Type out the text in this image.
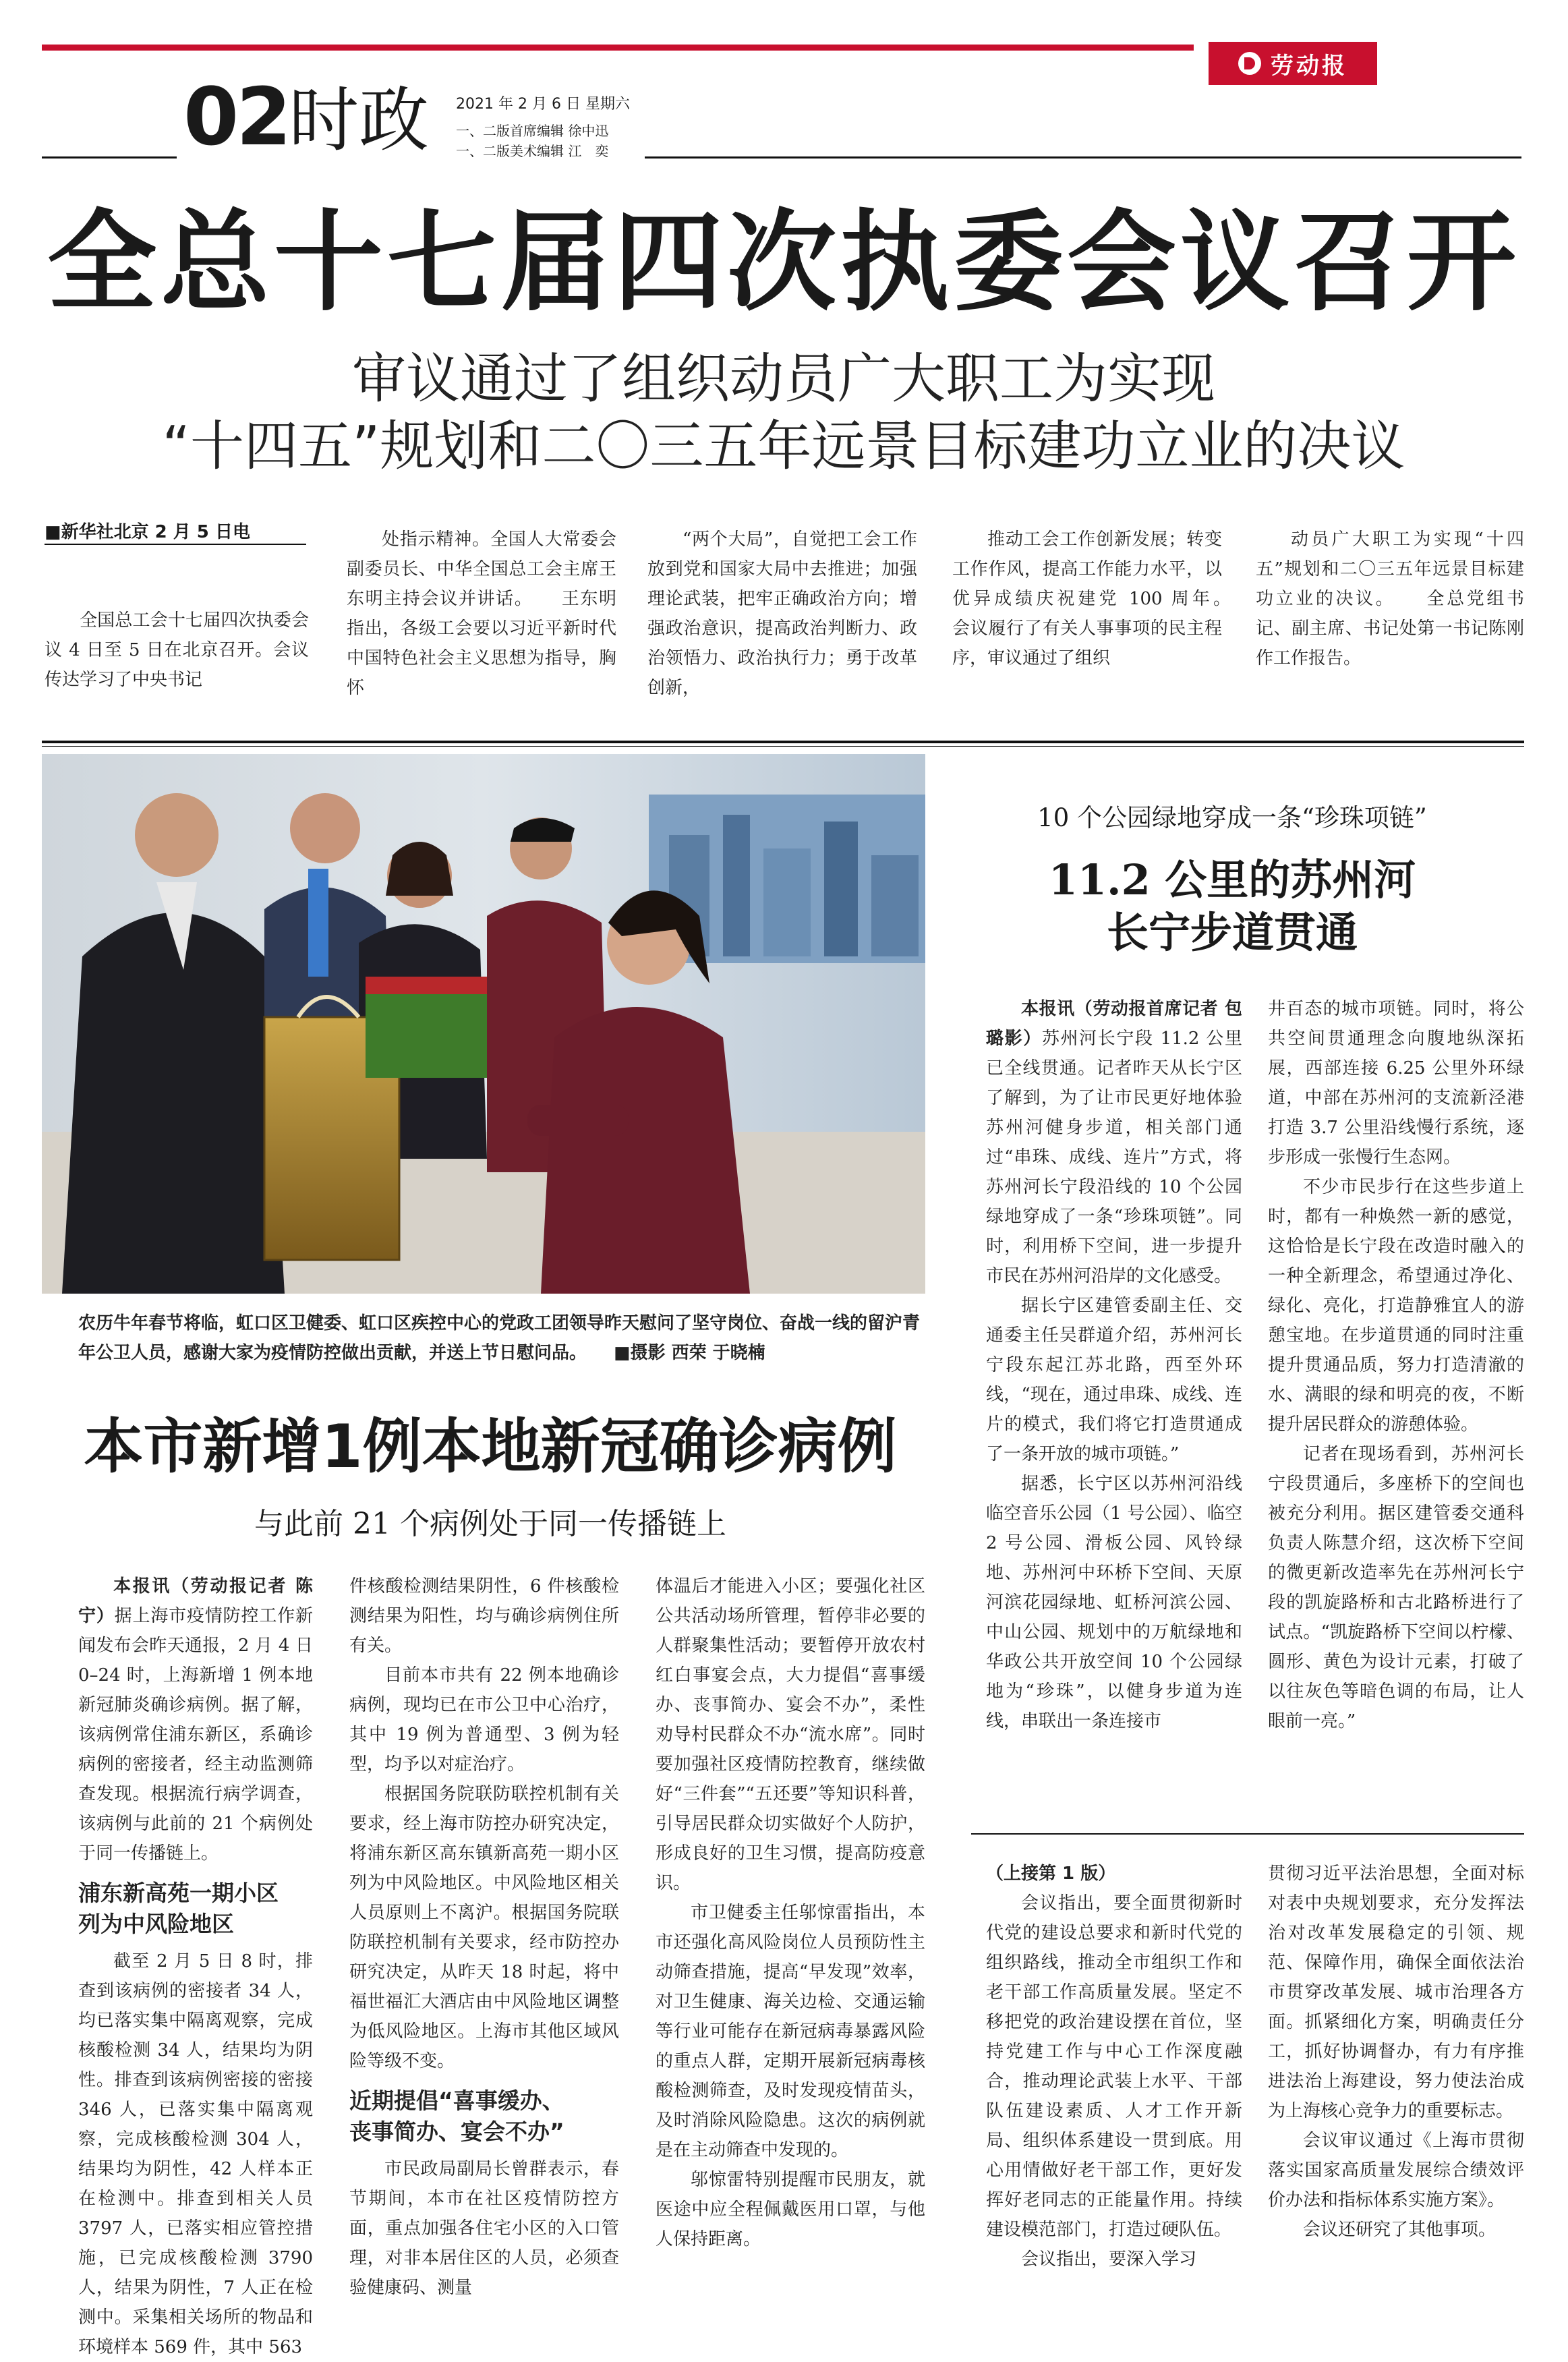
劳动报
02 时政 2021 年 2 月 6 日 星期六
一、二版首席编辑 徐中迅
一、二版美术编辑 江　奕
全总十七届四次执委会议召开
审议通过了组织动员广大职工为实现
“十四五”规划和二〇三五年远景目标建功立业的决议
■新华社北京 2 月 5 日电

全国总工会十七届四次执委会议 4 日至 5 日在北京召开。会议传达学习了中央书记

处指示精神。全国人大常委会副委员长、中华全国总工会主席王东明主持会议并讲话。　　王东明指出，各级工会要以习近平新时代中国特色社会主义思想为指导，胸怀

“两个大局”，自觉把工会工作放到党和国家大局中去推进；加强理论武装，把牢正确政治方向；增强政治意识，提高政治判断力、政治领悟力、政治执行力；勇于改革创新，

推动工会工作创新发展；转变工作作风，提高工作能力水平，以优异成绩庆祝建党 100 周年。　　会议履行了有关人事事项的民主程序，审议通过了组织

动员广大职工为实现“十四五”规划和二〇三五年远景目标建功立业的决议。　　全总党组书记、副主席、书记处第一书记陈刚作工作报告。

农历牛年春节将临，虹口区卫健委、虹口区疾控中心的党政工团领导昨天慰问了坚守岗位、奋战一线的留沪青年公卫人员，感谢大家为疫情防控做出贡献，并送上节日慰问品。 ■摄影 西荣 于晓楠
10 个公园绿地穿成一条“珍珠项链”
11.2 公里的苏州河
长宁步道贯通

本报讯（劳动报首席记者 包璐影）苏州河长宁段 11.2 公里已全线贯通。记者昨天从长宁区了解到，为了让市民更好地体验苏州河健身步道，相关部门通过“串珠、成线、连片”方式，将苏州河长宁段沿线的 10 个公园绿地穿成了一条“珍珠项链”。同时，利用桥下空间，进一步提升市民在苏州河沿岸的文化感受。

据长宁区建管委副主任、交通委主任吴群道介绍，苏州河长宁段东起江苏北路，西至外环线，“现在，通过串珠、成线、连片的模式，我们将它打造贯通成了一条开放的城市项链。”

据悉，长宁区以苏州河沿线临空音乐公园（1 号公园）、临空 2 号公园、滑板公园、风铃绿地、苏州河中环桥下空间、天原河滨花园绿地、虹桥河滨公园、中山公园、规划中的万航绿地和华政公共开放空间 10 个公园绿地为“珍珠”，以健身步道为连线，串联出一条连接市

井百态的城市项链。同时，将公共空间贯通理念向腹地纵深拓展，西部连接 6.25 公里外环绿道，中部在苏州河的支流新泾港打造 3.7 公里沿线慢行系统，逐步形成一张慢行生态网。

不少市民步行在这些步道上时，都有一种焕然一新的感觉，这恰恰是长宁段在改造时融入的一种全新理念，希望通过净化、绿化、亮化，打造静雅宜人的游憩宝地。在步道贯通的同时注重提升贯通品质，努力打造清澈的水、满眼的绿和明亮的夜，不断提升居民群众的游憩体验。

记者在现场看到，苏州河长宁段贯通后，多座桥下的空间也被充分利用。据区建管委交通科负责人陈慧介绍，这次桥下空间的微更新改造率先在苏州河长宁段的凯旋路桥和古北路桥进行了试点。“凯旋路桥下空间以柠檬、圆形、黄色为设计元素，打破了以往灰色等暗色调的布局，让人眼前一亮。”

本市新增1例本地新冠确诊病例
与此前 21 个病例处于同一传播链上

本报讯（劳动报记者 陈宁）据上海市疫情防控工作新闻发布会昨天通报，2 月 4 日 0–24 时，上海新增 1 例本地新冠肺炎确诊病例。据了解，该病例常住浦东新区，系确诊病例的密接者，经主动监测筛查发现。根据流行病学调查，该病例与此前的 21 个病例处于同一传播链上。

浦东新高苑一期小区
列为中风险地区

截至 2 月 5 日 8 时，排查到该病例的密接者 34 人，均已落实集中隔离观察，完成核酸检测 34 人，结果均为阴性。排查到该病例密接的密接 346 人，已落实集中隔离观察，完成核酸检测 304 人，结果均为阴性，42 人样本正在检测中。排查到相关人员 3797 人，已落实相应管控措施，已完成核酸检测 3790 人，结果为阴性，7 人正在检测中。采集相关场所的物品和环境样本 569 件，其中 563

件核酸检测结果阴性，6 件核酸检测结果为阳性，均与确诊病例住所有关。

目前本市共有 22 例本地确诊病例，现均已在市公卫中心治疗，其中 19 例为普通型、3 例为轻型，均予以对症治疗。

根据国务院联防联控机制有关要求，经上海市防控办研究决定，将浦东新区高东镇新高苑一期小区列为中风险地区。中风险地区相关人员原则上不离沪。根据国务院联防联控机制有关要求，经市防控办研究决定，从昨天 18 时起，将中福世福汇大酒店由中风险地区调整为低风险地区。上海市其他区域风险等级不变。

近期提倡“喜事缓办、
丧事简办、宴会不办”

市民政局副局长曾群表示，春节期间，本市在社区疫情防控方面，重点加强各住宅小区的入口管理，对非本居住区的人员，必须查验健康码、测量

体温后才能进入小区；要强化社区公共活动场所管理，暂停非必要的人群聚集性活动；要暂停开放农村红白事宴会点，大力提倡“喜事缓办、丧事简办、宴会不办”，柔性劝导村民群众不办“流水席”。同时要加强社区疫情防控教育，继续做好“三件套”“五还要”等知识科普，引导居民群众切实做好个人防护，形成良好的卫生习惯，提高防疫意识。

市卫健委主任邬惊雷指出，本市还强化高风险岗位人员预防性主动筛查措施，提高“早发现”效率，对卫生健康、海关边检、交通运输等行业可能存在新冠病毒暴露风险的重点人群，定期开展新冠病毒核酸检测筛查，及时发现疫情苗头，及时消除风险隐患。这次的病例就是在主动筛查中发现的。

邬惊雷特别提醒市民朋友，就医途中应全程佩戴医用口罩，与他人保持距离。

（上接第 1 版）

会议指出，要全面贯彻新时代党的建设总要求和新时代党的组织路线，推动全市组织工作和老干部工作高质量发展。坚定不移把党的政治建设摆在首位，坚持党建工作与中心工作深度融合，推动理论武装上水平、干部队伍建设素质、人才工作开新局、组织体系建设一贯到底。用心用情做好老干部工作，更好发挥好老同志的正能量作用。持续建设模范部门，打造过硬队伍。

会议指出，要深入学习

贯彻习近平法治思想，全面对标对表中央规划要求，充分发挥法治对改革发展稳定的引领、规范、保障作用，确保全面依法治市贯穿改革发展、城市治理各方面。抓紧细化方案，明确责任分工，抓好协调督办，有力有序推进法治上海建设，努力使法治成为上海核心竞争力的重要标志。

会议审议通过《上海市贯彻落实国家高质量发展综合绩效评价办法和指标体系实施方案》。

会议还研究了其他事项。
